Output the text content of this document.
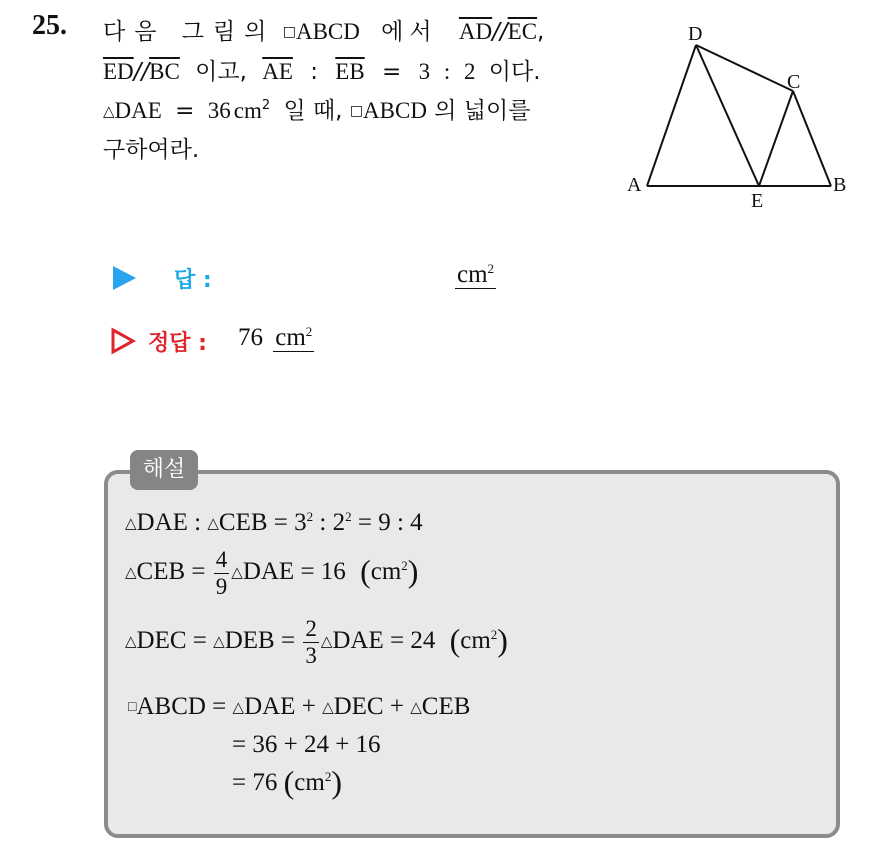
25. 다음 그림의 □ABCD 에서 $\overline{AD}//\overline{EC}$,
$\overline{ED}//\overline{BC}$ 이고, $\overline{AE}$ : $\overline{EB} = 3$ : 2 이다.
△DAE = 36 $cm^2$ 일 때, □ABCD 의 넓이를
구하여라.
D
C
A	B
E
답 :	$cm^2$
정답 : 76 $cm^2$
해설
△DAE : △CEB = $3^2$ : $2^2 = 9$ : 4
△CEB = $\frac{4}{9}$ △DAE = 16 $(cm^2)$
△DEC = △DEB = $\frac{2}{3}$ △DAE = 24 $(cm^2)$
□ABCD = △DAE + △DEC + △CEB
= 36 + 24 + 16
= 76 $(cm^2)$
